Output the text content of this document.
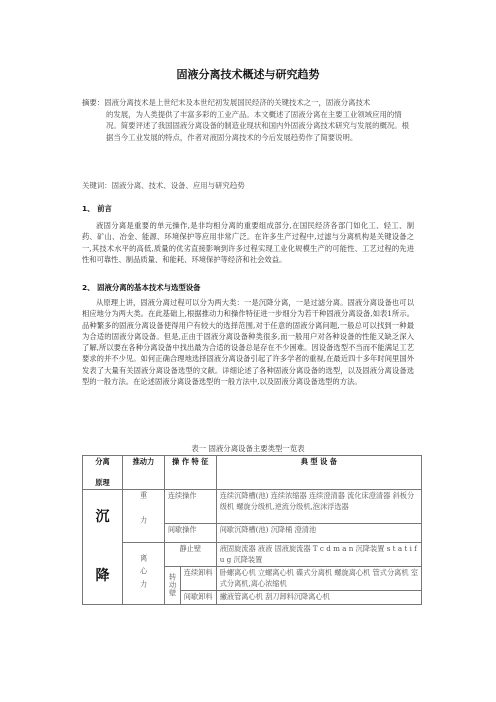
固液分离技术概述与研究趋势
摘要：固液分离技术是上世纪末及本世纪初发展国民经济的关键技术之一，固液分离技术
的发展，为人类提供了丰富多彩的工业产品。本文概述了固液分离在主要工业领域应用的情况。简要评述了我国固液分离设备的制造业现状和国内外固液分离技术研究与发展的概况。根据当今工业发展的特点，作者对液固分离技术的今后发展趋势作了简要说明。
关键词：固液分离、技术、设备、应用与研究趋势
1、 前言
液固分离是重要的单元操作,是非均相分离的重要组成部分,在国民经济各部门如化工、轻工、制药、矿山、冶金、能源、环境保护等应用非常广泛。在许多生产过程中,过滤与分离机构是关键设备之一,其技术水平的高低,质量的优劣直接影响到许多过程实现工业化规模生产的可能性、工艺过程的先进性和可靠性、制品质量、和能耗、环境保护等经济和社会效益。
2、 固液分离的基本技术与选型设备
从原理上讲，固液分离过程可以分为两大类：一是沉降分离，一是过滤分离。固液分离设备也可以相应地分为两大类。在此基础上,根据推动力和操作特征进一步细分为若干种固液分离设备,如表1所示。品种繁多的固液分离设备使得用户有较大的选择范围,对于任意的固液分离问题,一般总可以找到一种最为合适的固液分离设备。但是,正由于固液分离设备种类很多,而一般用户对各种设备的性能又缺乏深入了解,所以要在各种分离设备中找出最为合适的设备总是存在不少困难。因设备选型不当而不能满足工艺要求的并不少见。如何正确合理地选择固液分离设备引起了许多学者的重视,在最近四十多年时间里国外发表了大量有关固液分离设备选型的文献。详细论述了各种固液分离设备的选型，以及固液分离设备选型的一般方法。在论述固液分离设备选型的一般方法中,以及固液分离设备选型的方法。
表一 固液分离设备主要类型一览表
分离
原理	推动力	操 作 特 征		典 型 设 备

沉
降	重力	连续操作		连续沉降槽(池) 连续浓缩器 连续澄清器 流化床澄清器 斜板分级机 螺旋分级机,逆流分级机,泡沫浮选器
		间歇操作		间歇沉降槽(池) 沉降桶 澄清池

	离心力	静止壁		液固旋流器 液液 固液旋流器 T c d m a n 沉降装置 s t a t i f u g 沉降装置

		转动壁	连续卸料	卧螺离心机 立螺离心机 碟式分离机 螺旋离心机 管式分离机 室式分离机,离心浓缩机
			间歇卸料	撇液管离心机 刮刀卸料沉降离心机
